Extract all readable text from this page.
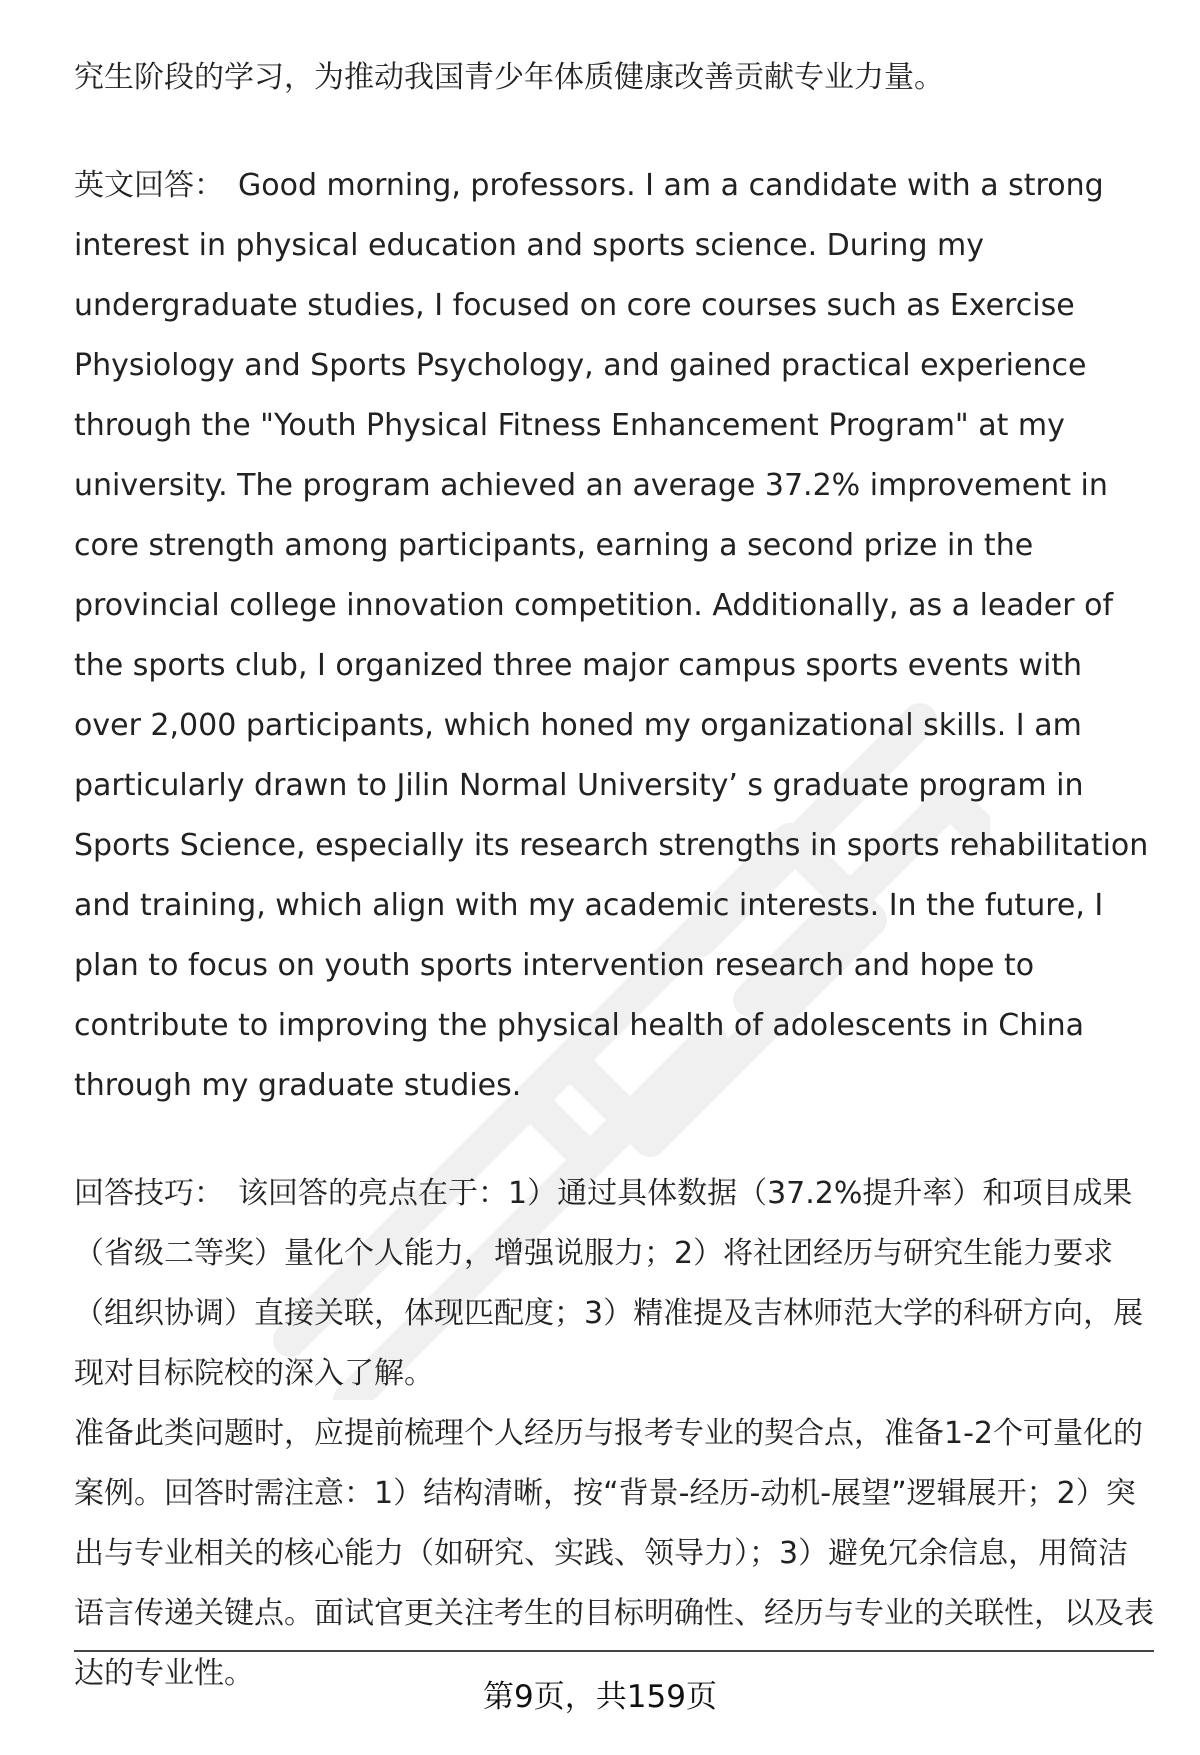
究生阶段的学习，为推动我国青少年体质健康改善贡献专业力量。

英文回答： Good morning, professors. I am a candidate with a strong interest in physical education and sports science. During my undergraduate studies, I focused on core courses such as Exercise Physiology and Sports Psychology, and gained practical experience through the "Youth Physical Fitness Enhancement Program" at my university. The program achieved an average 37.2% improvement in core strength among participants, earning a second prize in the provincial college innovation competition. Additionally, as a leader of the sports club, I organized three major campus sports events with over 2,000 participants, which honed my organizational skills. I am particularly drawn to Jilin Normal University’ s graduate program in Sports Science, especially its research strengths in sports rehabilitation and training, which align with my academic interests. In the future, I plan to focus on youth sports intervention research and hope to contribute to improving the physical health of adolescents in China through my graduate studies.

回答技巧： 该回答的亮点在于：1）通过具体数据（37.2%提升率）和项目成果（省级二等奖）量化个人能力，增强说服力；2）将社团经历与研究生能力要求（组织协调）直接关联，体现匹配度；3）精准提及吉林师范大学的科研方向，展现对目标院校的深入了解。

准备此类问题时，应提前梳理个人经历与报考专业的契合点，准备1-2个可量化的案例。回答时需注意：1）结构清晰，按“背景-经历-动机-展望”逻辑展开；2）突出与专业相关的核心能力（如研究、实践、领导力）；3）避免冗余信息，用简洁语言传递关键点。面试官更关注考生的目标明确性、经历与专业的关联性，以及表达的专业性。

第9页，共159页
